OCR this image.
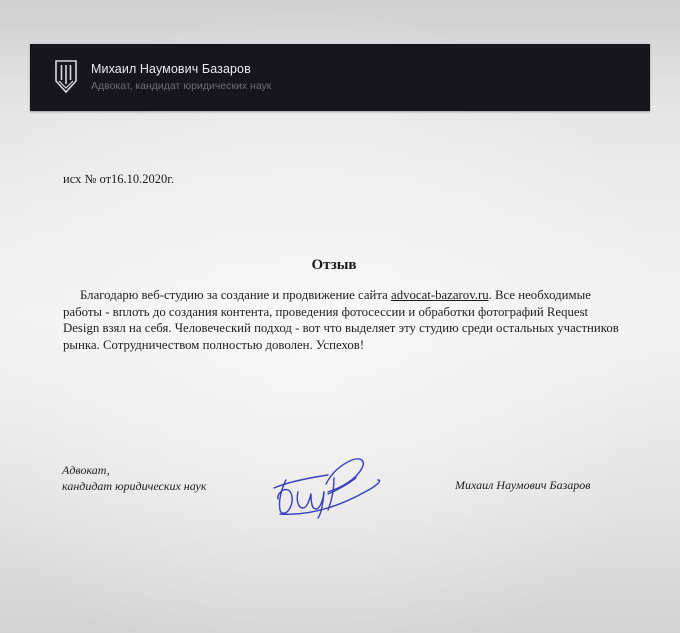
Михаил Наумович Базаров
Адвокат, кандидат юридических наук
исх № от16.10.2020г.
Отзыв
Благодарю веб-студию за создание и продвижение сайта advocat-bazarov.ru. Все необходимые работы - вплоть до создания контента, проведения фотосессии и обработки фотографий Request Design взял на себя. Человеческий подход - вот что выделяет эту студию среди остальных участников рынка. Сотрудничеством полностью доволен. Успехов!
Адвокат,
кандидат юридических наук	Михаил Наумович Базаров
